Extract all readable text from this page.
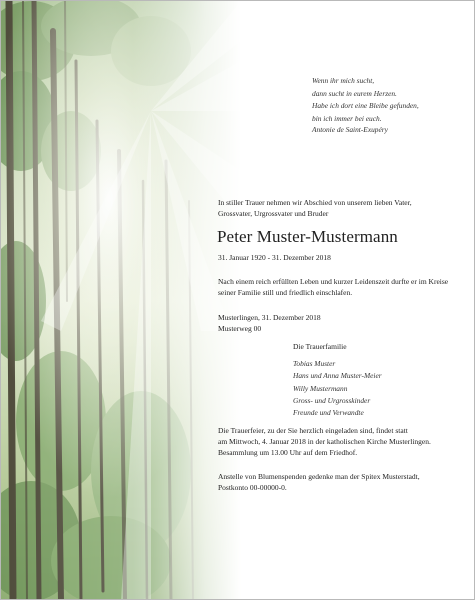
Wenn ihr mich sucht,
dann sucht in eurem Herzen.
Habe ich dort eine Bleibe gefunden,
bin ich immer bei euch.
Antonie de Saint-Exupéry
In stiller Trauer nehmen wir Abschied von unserem lieben Vater,
Grossvater, Urgrossvater und Bruder
Peter Muster-Mustermann
31. Januar 1920 - 31. Dezember 2018
Nach einem reich erfüllten Leben und kurzer Leidenszeit durfte er im Kreise
seiner Familie still und friedlich einschlafen.
Musterlingen, 31. Dezember 2018
Musterweg 00
Die Trauerfamilie
Tobias Muster
Hans und Anna Muster-Meier
Willy Mustermann
Gross- und Urgrosskinder
Freunde und Verwandte
Die Trauerfeier, zu der Sie herzlich eingeladen sind, findet statt
am Mittwoch, 4. Januar 2018 in der katholischen Kirche Musterlingen.
Besammlung um 13.00 Uhr auf dem Friedhof.
Anstelle von Blumenspenden gedenke man der Spitex Musterstadt,
Postkonto 00-00000-0.
